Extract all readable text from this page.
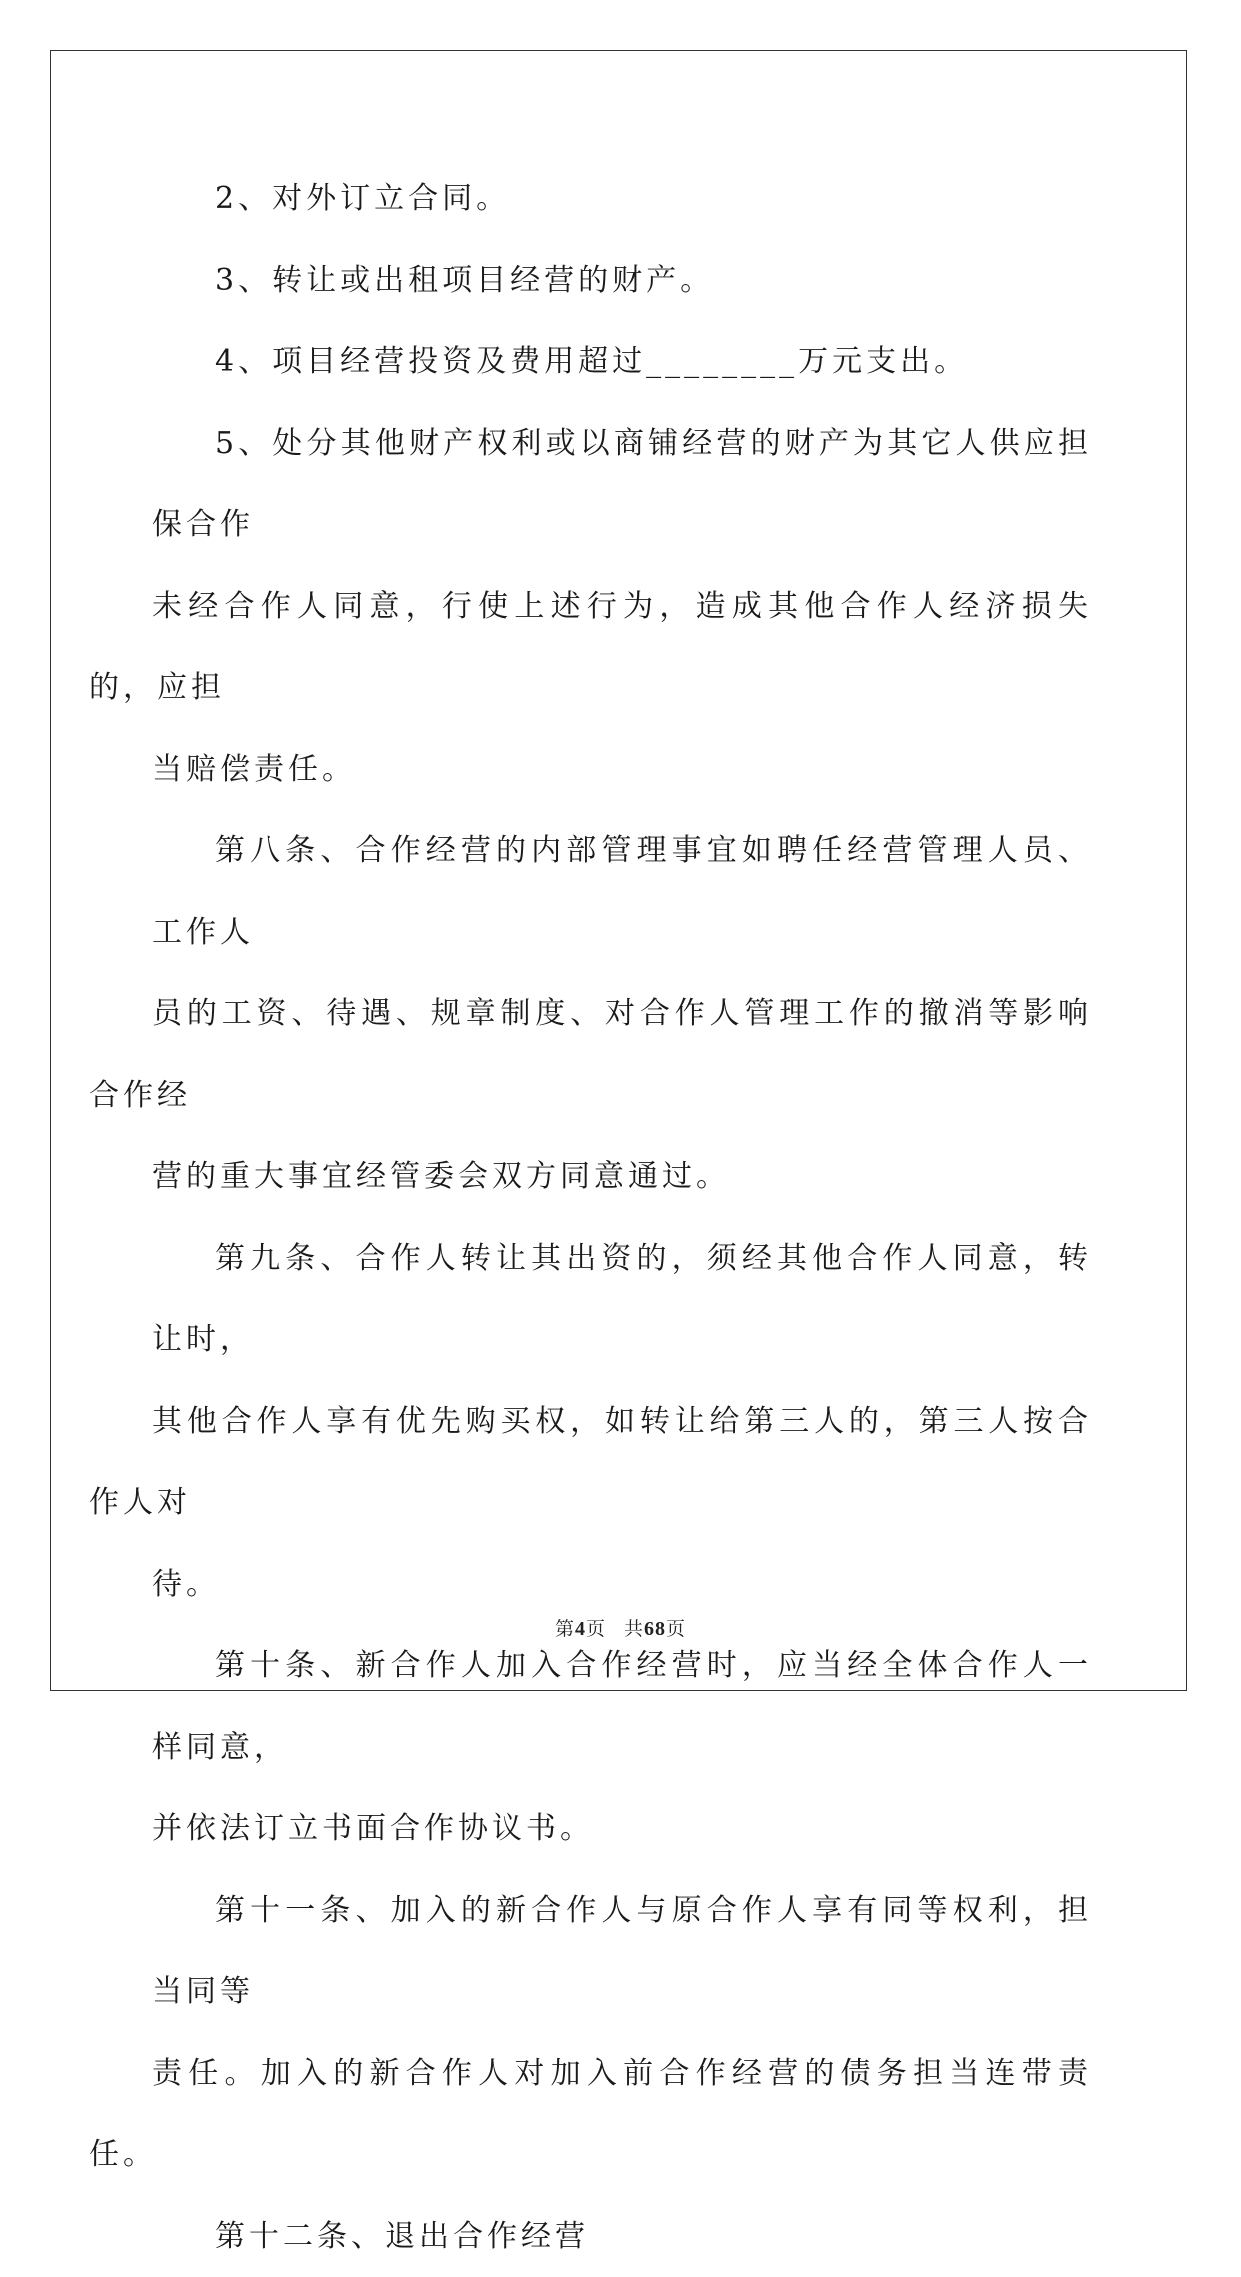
2、对外订立合同。

3、转让或出租项目经营的财产。

4、项目经营投资及费用超过________万元支出。

5、处分其他财产权利或以商铺经营的财产为其它人供应担保合作
未经合作人同意，行使上述行为，造成其他合作人经济损失的，应担
当赔偿责任。

第八条、合作经营的内部管理事宜如聘任经营管理人员、工作人
员的工资、待遇、规章制度、对合作人管理工作的撤消等影响合作经
营的重大事宜经管委会双方同意通过。

第九条、合作人转让其出资的，须经其他合作人同意，转让时，
其他合作人享有优先购买权，如转让给第三人的，第三人按合作人对
待。

第十条、新合作人加入合作经营时，应当经全体合作人一样同意，
并依法订立书面合作协议书。

第十一条、加入的新合作人与原合作人享有同等权利，担当同等
责任。加入的新合作人对加入前合作经营的债务担当连带责任。

第十二条、退出合作经营

第4页 共68页
